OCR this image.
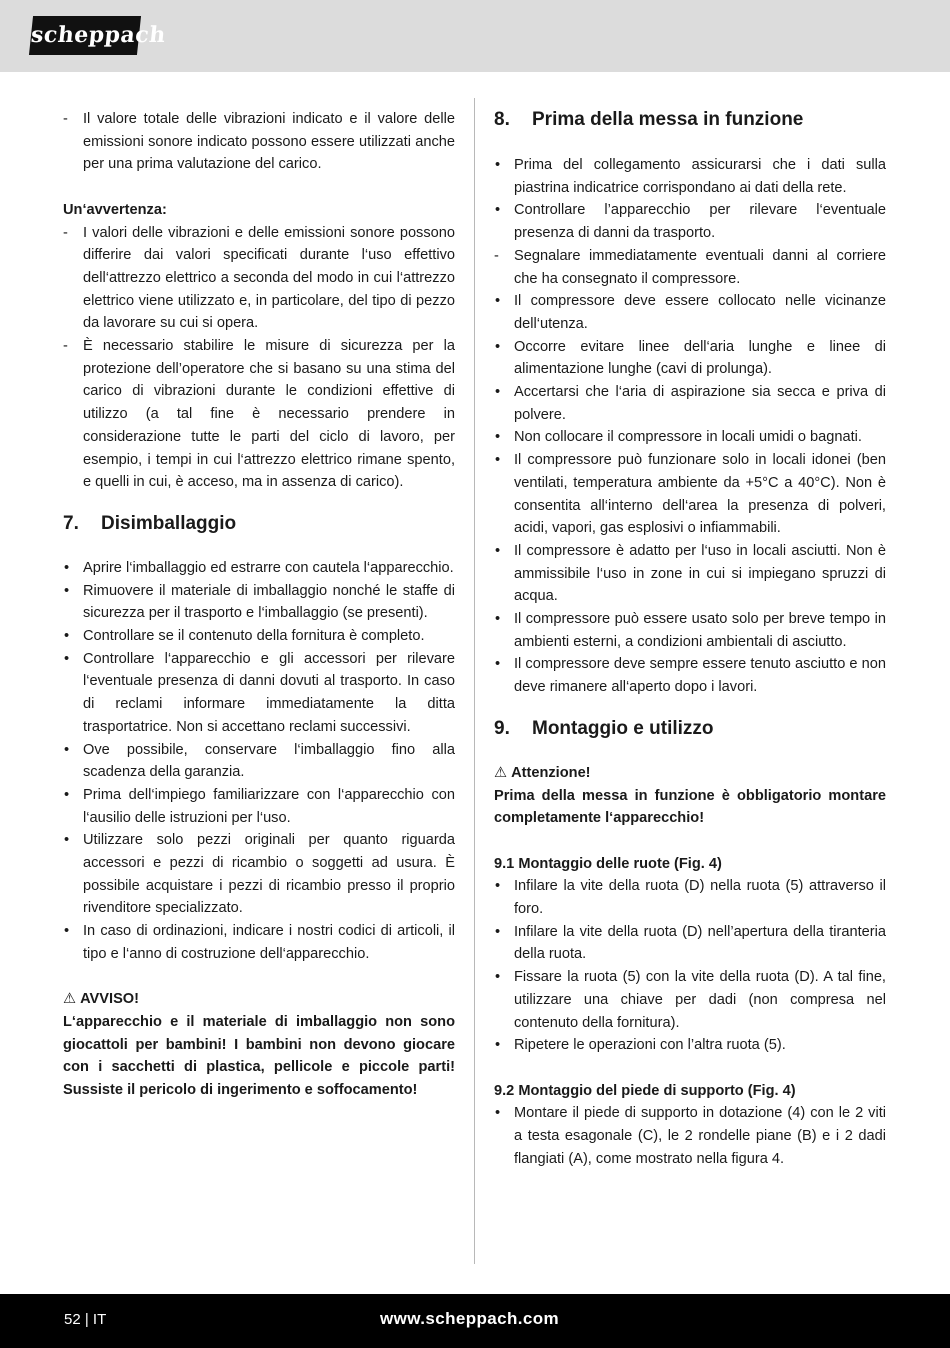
scheppach

- Il valore totale delle vibrazioni indicato e il valore delle emissioni sonore indicato possono essere utilizzati anche per una prima valutazione del carico.

Un‘avvertenza:

- I valori delle vibrazioni e delle emissioni sonore possono differire dai valori specificati durante l‘uso effettivo dell‘attrezzo elettrico a seconda del modo in cui l‘attrezzo elettrico viene utilizzato e, in particolare, del tipo di pezzo da lavorare su cui si opera.

- È necessario stabilire le misure di sicurezza per la protezione dell’operatore che si basano su una stima del carico di vibrazioni durante le condizioni effettive di utilizzo (a tal fine è necessario prendere in considerazione tutte le parti del ciclo di lavoro, per esempio, i tempi in cui l‘attrezzo elettrico rimane spento, e quelli in cui, è acceso, ma in assenza di carico).

7.	Disimballaggio

• Aprire l‘imballaggio ed estrarre con cautela l‘apparecchio.

• Rimuovere il materiale di imballaggio nonché le staffe di sicurezza per il trasporto e l‘imballaggio (se presenti).

• Controllare se il contenuto della fornitura è completo.

• Controllare l‘apparecchio e gli accessori per rilevare l‘eventuale presenza di danni dovuti al trasporto. In caso di reclami informare immediatamente la ditta trasportatrice. Non si accettano reclami successivi.

• Ove possibile, conservare l‘imballaggio fino alla scadenza della garanzia.

• Prima dell‘impiego familiarizzare con l‘apparecchio con l‘ausilio delle istruzioni per l‘uso.

• Utilizzare solo pezzi originali per quanto riguarda accessori e pezzi di ricambio o soggetti ad usura. È possibile acquistare i pezzi di ricambio presso il proprio rivenditore specializzato.

• In caso di ordinazioni, indicare i nostri codici di articoli, il tipo e l‘anno di costruzione dell‘apparecchio.

⚠ AVVISO!

L‘apparecchio e il materiale di imballaggio non sono giocattoli per bambini! I bambini non devono giocare con i sacchetti di plastica, pellicole e piccole parti! Sussiste il pericolo di ingerimento e soffocamento!

8.	Prima della messa in funzione

• Prima del collegamento assicurarsi che i dati sulla piastrina indicatrice corrispondano ai dati della rete.

• Controllare l’apparecchio per rilevare l‘eventuale presenza di danni da trasporto.

- Segnalare immediatamente eventuali danni al corriere che ha consegnato il compressore.

• Il compressore deve essere collocato nelle vicinanze dell‘utenza.

• Occorre evitare linee dell‘aria lunghe e linee di alimentazione lunghe (cavi di prolunga).

• Accertarsi che l‘aria di aspirazione sia secca e priva di polvere.

• Non collocare il compressore in locali umidi o bagnati.

• Il compressore può funzionare solo in locali idonei (ben ventilati, temperatura ambiente da +5°C a 40°C). Non è consentita all‘interno dell‘area la presenza di polveri, acidi, vapori, gas esplosivi o infiammabili.

• Il compressore è adatto per l‘uso in locali asciutti. Non è ammissibile l‘uso in zone in cui si impiegano spruzzi di acqua.

• Il compressore può essere usato solo per breve tempo in ambienti esterni, a condizioni ambientali di asciutto.

• Il compressore deve sempre essere tenuto asciutto e non deve rimanere all‘aperto dopo i lavori.

9.	Montaggio e utilizzo

⚠ Attenzione!

Prima della messa in funzione è obbligatorio montare completamente l‘apparecchio!

9.1 Montaggio delle ruote (Fig. 4)

• Infilare la vite della ruota (D) nella ruota (5) attraverso il foro.

• Infilare la vite della ruota (D) nell’apertura della tiranteria della ruota.

• Fissare la ruota (5) con la vite della ruota (D). A tal fine, utilizzare una chiave per dadi (non compresa nel contenuto della fornitura).

• Ripetere le operazioni con l’altra ruota (5).

9.2 Montaggio del piede di supporto (Fig. 4)

• Montare il piede di supporto in dotazione (4) con le 2 viti a testa esagonale (C), le 2 rondelle piane (B) e i 2 dadi flangiati (A), come mostrato nella figura 4.

52 | IT	www.scheppach.com
